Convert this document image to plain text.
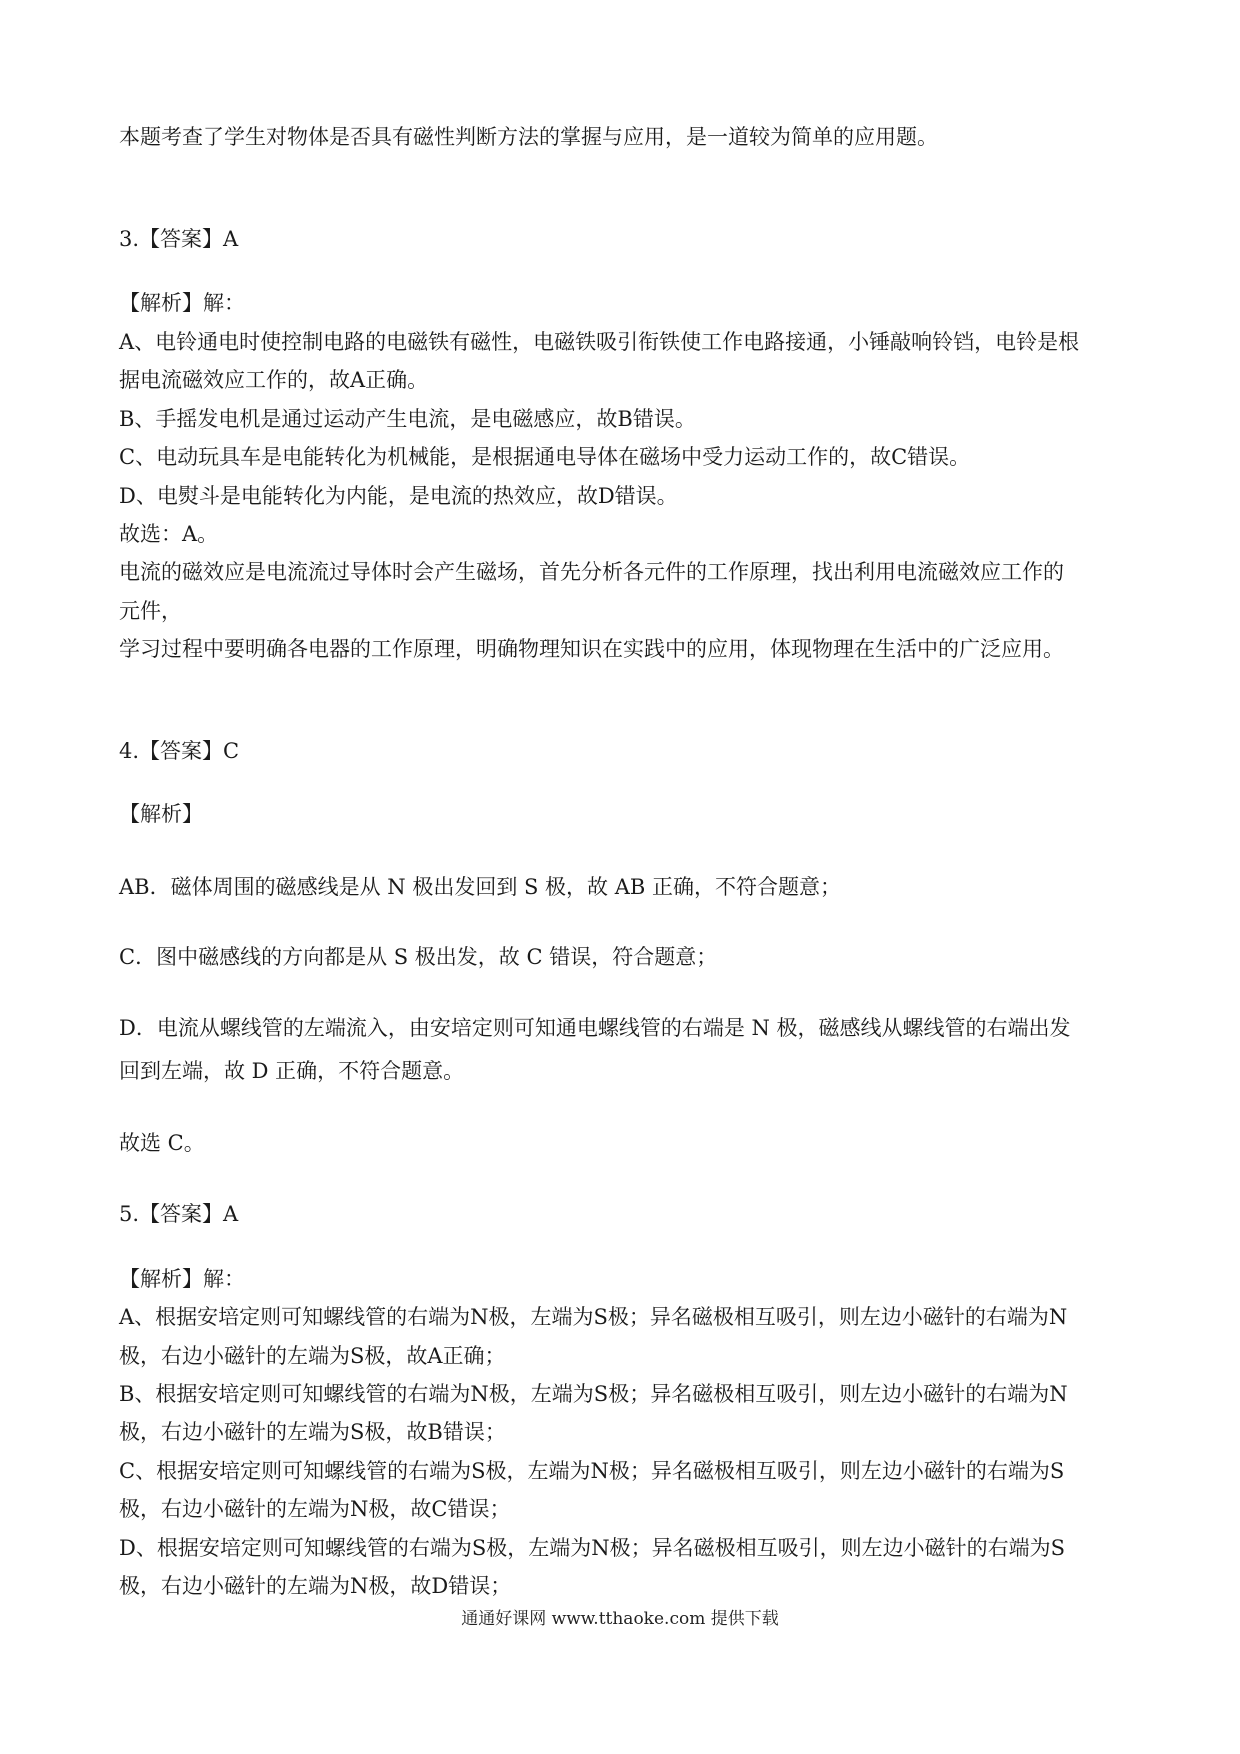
本题考查了学生对物体是否具有磁性判断方法的掌握与应用，是一道较为简单的应用题。
3.【答案】A
【解析】解：
A、电铃通电时使控制电路的电磁铁有磁性，电磁铁吸引衔铁使工作电路接通，小锤敲响铃铛，电铃是根
据电流磁效应工作的，故A正确。
B、手摇发电机是通过运动产生电流，是电磁感应，故B错误。
C、电动玩具车是电能转化为机械能，是根据通电导体在磁场中受力运动工作的，故C错误。
D、电熨斗是电能转化为内能，是电流的热效应，故D错误。
故选：A。
电流的磁效应是电流流过导体时会产生磁场，首先分析各元件的工作原理，找出利用电流磁效应工作的
元件，
学习过程中要明确各电器的工作原理，明确物理知识在实践中的应用，体现物理在生活中的广泛应用。
4.【答案】C
【解析】
AB．磁体周围的磁感线是从 N 极出发回到 S 极，故 AB 正确，不符合题意；
C．图中磁感线的方向都是从 S 极出发，故 C 错误，符合题意；
D．电流从螺线管的左端流入，由安培定则可知通电螺线管的右端是 N 极，磁感线从螺线管的右端出发
回到左端，故 D 正确，不符合题意。
故选 C。
5.【答案】A
【解析】解：
A、根据安培定则可知螺线管的右端为N极，左端为S极；异名磁极相互吸引，则左边小磁针的右端为N
极，右边小磁针的左端为S极，故A正确；
B、根据安培定则可知螺线管的右端为N极，左端为S极；异名磁极相互吸引，则左边小磁针的右端为N
极，右边小磁针的左端为S极，故B错误；
C、根据安培定则可知螺线管的右端为S极，左端为N极；异名磁极相互吸引，则左边小磁针的右端为S
极，右边小磁针的左端为N极，故C错误；
D、根据安培定则可知螺线管的右端为S极，左端为N极；异名磁极相互吸引，则左边小磁针的右端为S
极，右边小磁针的左端为N极，故D错误；
通通好课网 www.tthaoke.com 提供下载
